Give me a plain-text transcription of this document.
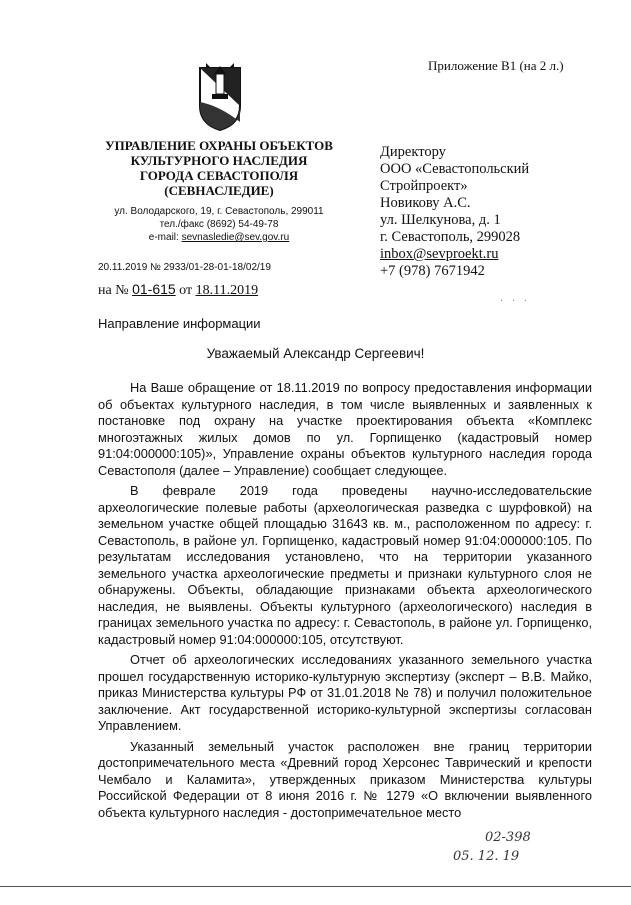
Приложение В1 (на 2 л.)
УПРАВЛЕНИЕ ОХРАНЫ ОБЪЕКТОВ
КУЛЬТУРНОГО НАСЛЕДИЯ
ГОРОДА СЕВАСТОПОЛЯ
(СЕВНАСЛЕДИЕ)
ул. Володарского, 19, г. Севастополь, 299011
тел./факс (8692) 54-49-78
e-mail: sevnasledie@sev.gov.ru
20.11.2019 № 2933/01-28-01-18/02/19
на № 01-615 от 18.11.2019
Директору
ООО «Севастопольский
Стройпроект»
Новикову А.С.
ул. Шелкунова, д. 1
г. Севастополь, 299028
inbox@sevproekt.ru
+7 (978) 7671942
· · ·
Направление информации
Уважаемый Александр Сергеевич!

На Ваше обращение от 18.11.2019 по вопросу предоставления информации об объектах культурного наследия, в том числе выявленных и заявленных к постановке под охрану на участке проектирования объекта «Комплекс многоэтажных жилых домов по ул. Горпищенко (кадастровый номер 91:04:000000:105)», Управление охраны объектов культурного наследия города Севастополя (далее – Управление) сообщает следующее.

В феврале 2019 года проведены научно-исследовательские археологические полевые работы (археологическая разведка с шурфовкой) на земельном участке общей площадью 31643 кв. м., расположенном по адресу: г. Севастополь, в районе ул. Горпищенко, кадастровый номер 91:04:000000:105. По результатам исследования установлено, что на территории указанного земельного участка археологические предметы и признаки культурного слоя не обнаружены. Объекты, обладающие признаками объекта археологического наследия, не выявлены. Объекты культурного (археологического) наследия в границах земельного участка по адресу: г. Севастополь, в районе ул. Горпищенко, кадастровый номер 91:04:000000:105, отсутствуют.

Отчет об археологических исследованиях указанного земельного участка прошел государственную историко-культурную экспертизу (эксперт – В.В. Майко, приказ Министерства культуры РФ от 31.01.2018 № 78) и получил положительное заключение. Акт государственной историко-культурной экспертизы согласован Управлением.

Указанный земельный участок расположен вне границ территории достопримечательного места «Древний город Херсонес Таврический и крепости Чембало и Каламита», утвержденных приказом Министерства культуры Российской Федерации от 8 июня 2016 г. № 1279 «О включении выявленного объекта культурного наследия - достопримечательное место

02-398
05. 12. 19
